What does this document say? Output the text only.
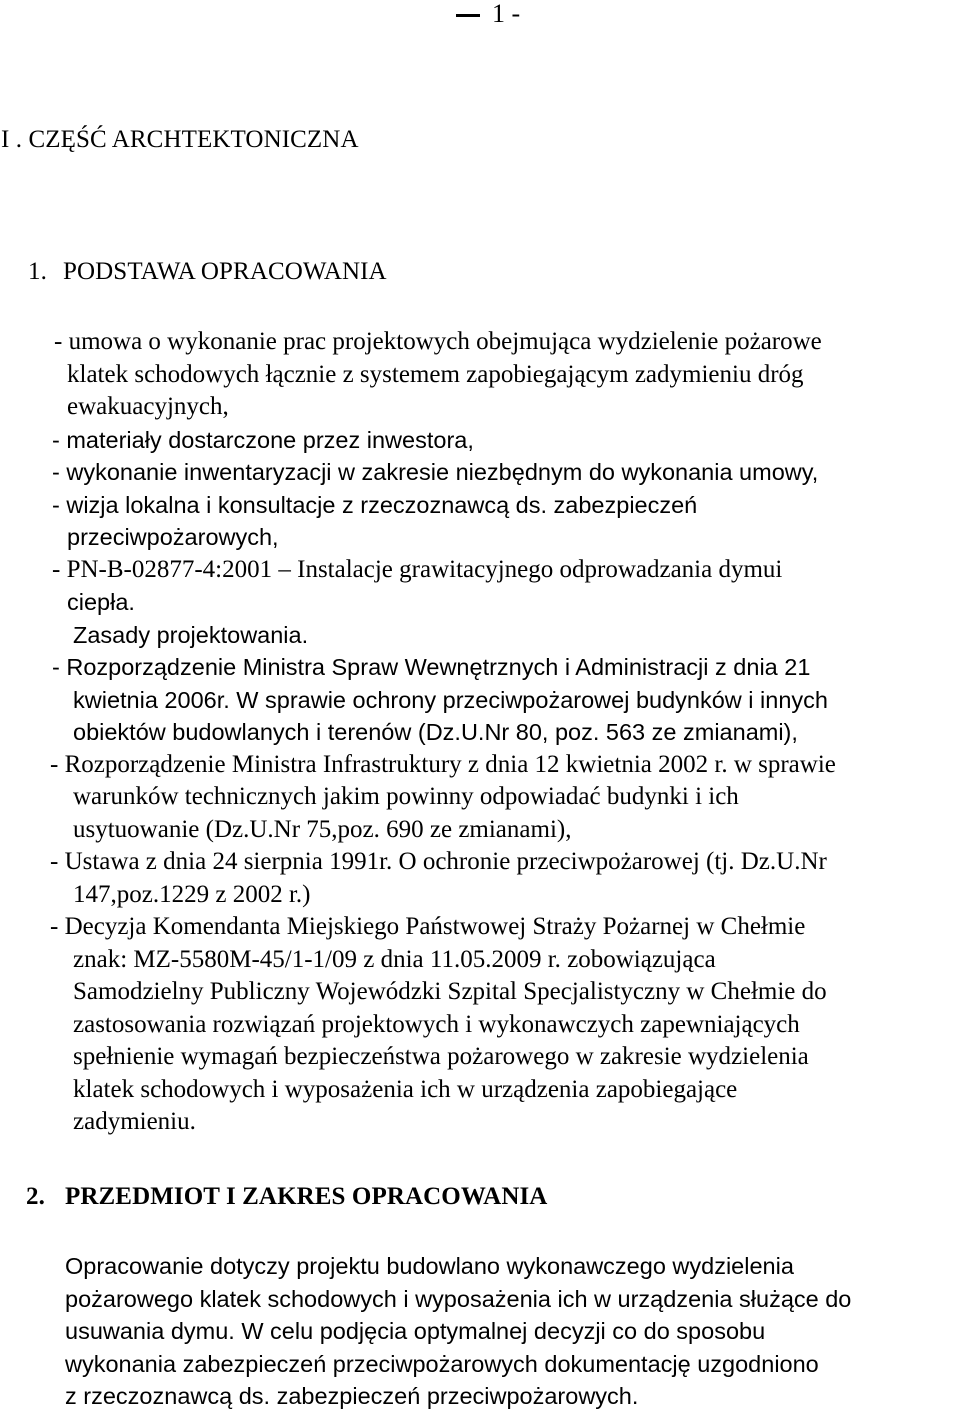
1 -
I . CZĘŚĆ ARCHTEKTONICZNA
1. PODSTAWA OPRACOWANIA
- umowa o wykonanie prac projektowych obejmująca wydzielenie pożarowe
klatek schodowych łącznie z systemem zapobiegającym zadymieniu dróg
ewakuacyjnych,
- materiały dostarczone przez inwestora,
- wykonanie inwentaryzacji w zakresie niezbędnym do wykonania umowy,
- wizja lokalna i konsultacje z rzeczoznawcą ds. zabezpieczeń
przeciwpożarowych,
- PN-B-02877-4:2001 – Instalacje grawitacyjnego odprowadzania dymui
ciepła.
Zasady projektowania.
- Rozporządzenie Ministra Spraw Wewnętrznych i Administracji z dnia 21
kwietnia 2006r. W sprawie ochrony przeciwpożarowej budynków i innych
obiektów budowlanych i terenów (Dz.U.Nr 80, poz. 563 ze zmianami),
- Rozporządzenie Ministra Infrastruktury z dnia 12 kwietnia 2002 r. w sprawie
warunków technicznych jakim powinny odpowiadać budynki i ich
usytuowanie (Dz.U.Nr 75,poz. 690 ze zmianami),
- Ustawa z dnia 24 sierpnia 1991r. O ochronie przeciwpożarowej (tj. Dz.U.Nr
147,poz.1229 z 2002 r.)
- Decyzja Komendanta Miejskiego Państwowej Straży Pożarnej w Chełmie
znak: MZ-5580M-45/1-1/09 z dnia 11.05.2009 r. zobowiązująca
Samodzielny Publiczny Wojewódzki Szpital Specjalistyczny w Chełmie do
zastosowania rozwiązań projektowych i wykonawczych zapewniających
spełnienie wymagań bezpieczeństwa pożarowego w zakresie wydzielenia
klatek schodowych i wyposażenia ich w urządzenia zapobiegające
zadymieniu.
2. PRZEDMIOT I ZAKRES OPRACOWANIA
Opracowanie dotyczy projektu budowlano wykonawczego wydzielenia
pożarowego klatek schodowych i wyposażenia ich w urządzenia służące do
usuwania dymu. W celu podjęcia optymalnej decyzji co do sposobu
wykonania zabezpieczeń przeciwpożarowych dokumentację uzgodniono
z rzeczoznawcą ds. zabezpieczeń przeciwpożarowych.
